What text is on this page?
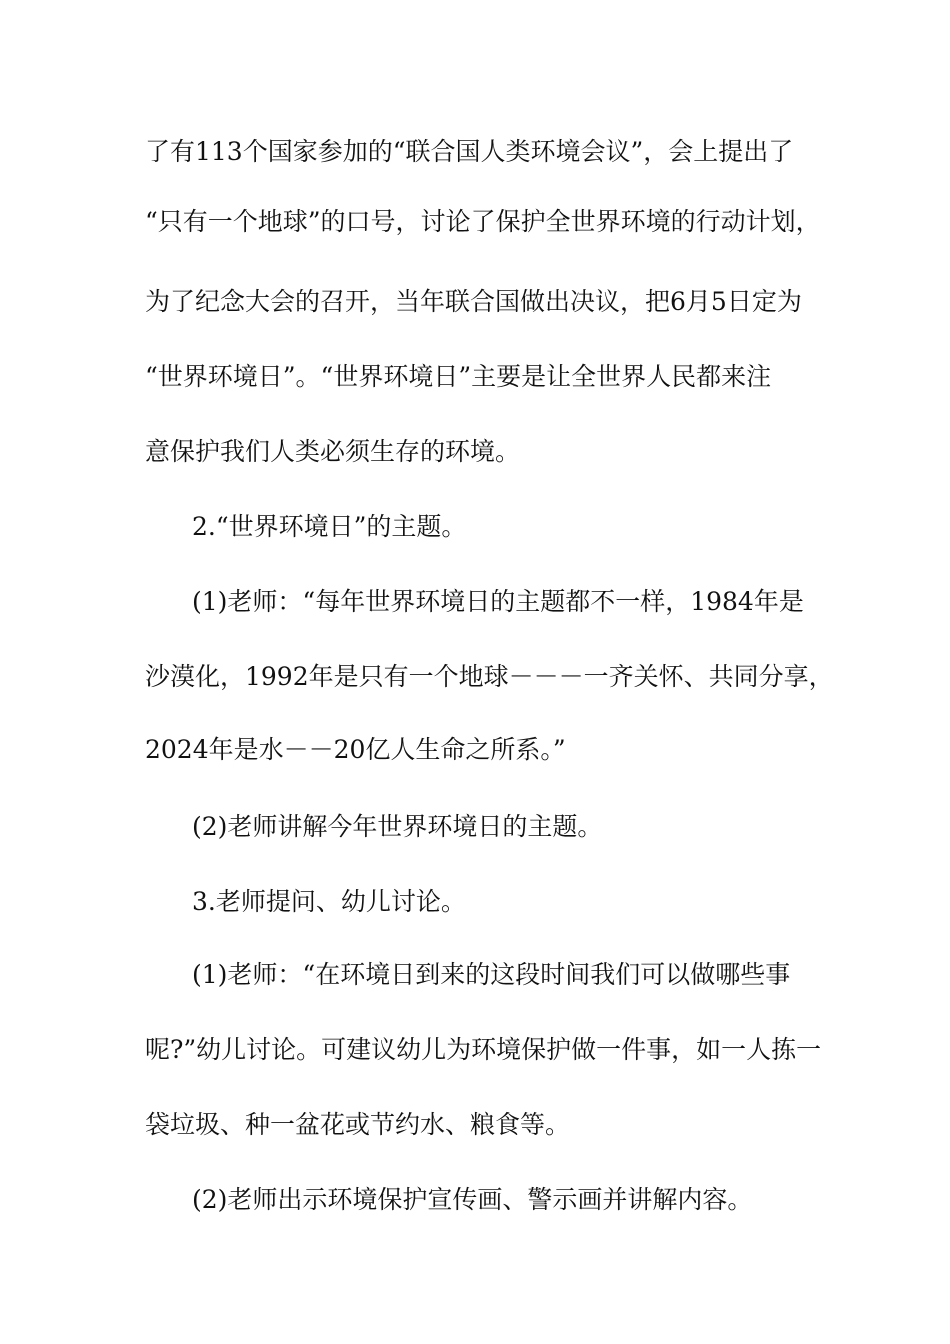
了有113个国家参加的“联合国人类环境会议”，会上提出了
“只有一个地球”的口号，讨论了保护全世界环境的行动计划，
为了纪念大会的召开，当年联合国做出决议，把6月5日定为
“世界环境日”。“世界环境日”主要是让全世界人民都来注
意保护我们人类必须生存的环境。
2.“世界环境日”的主题。
(1)老师：“每年世界环境日的主题都不一样，1984年是
沙漠化，1992年是只有一个地球－－－一齐关怀、共同分享，
2024年是水－－20亿人生命之所系。”
(2)老师讲解今年世界环境日的主题。
3.老师提问、幼儿讨论。
(1)老师：“在环境日到来的这段时间我们可以做哪些事
呢?”幼儿讨论。可建议幼儿为环境保护做一件事，如一人拣一
袋垃圾、种一盆花或节约水、粮食等。
(2)老师出示环境保护宣传画、警示画并讲解内容。
